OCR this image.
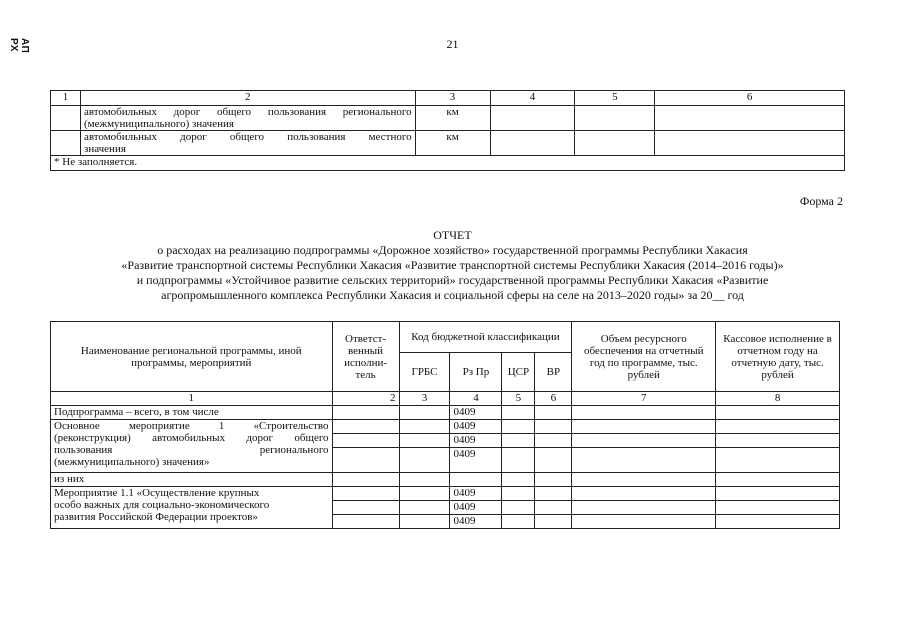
АП РХ	21
1	2	3	4	5	6

	автомобильных дорог общего пользования регионального
(межмуниципального) значения	км			

	автомобильных дорог общего пользования местного
значения	км			
* Не заполняется.					
Форма 2
ОТЧЕТ
о расходах на реализацию подпрограммы «Дорожное хозяйство» государственной программы Республики Хакасия
«Развитие транспортной системы Республики Хакасия «Развитие транспортной системы Республики Хакасия (2014–2016 годы)»
и подпрограммы «Устойчивое развитие сельских территорий» государственной программы Республики Хакасия «Развитие
агропромышленного комплекса Республики Хакасия и социальной сферы на селе на 2013–2020 годы» за 20__ год
Наименование региональной программы, иной программы, мероприятий	Ответст-венный исполни-тель	Код бюджетной классификации				Объем ресурсного обеспечения на отчетный год по программе, тыс. рублей	Кассовое исполнение в отчетном году на отчетную дату, тыс. рублей
		ГРБС	Рз Пр	ЦСР	ВР		
1	2	3	4	5	6	7	8
Подпрограмма – всего, в том числе			0409				

Основное мероприятие 1 «Строительство
(реконструкция) автомобильных дорог общего
пользования регионального
(межмуниципального) значения»			0409				
			0409				
			0409				
из них							

Мероприятие 1.1 «Осуществление крупных
особо важных для социально-экономического
развития Российской Федерации проектов»			0409				
			0409				
			0409				
